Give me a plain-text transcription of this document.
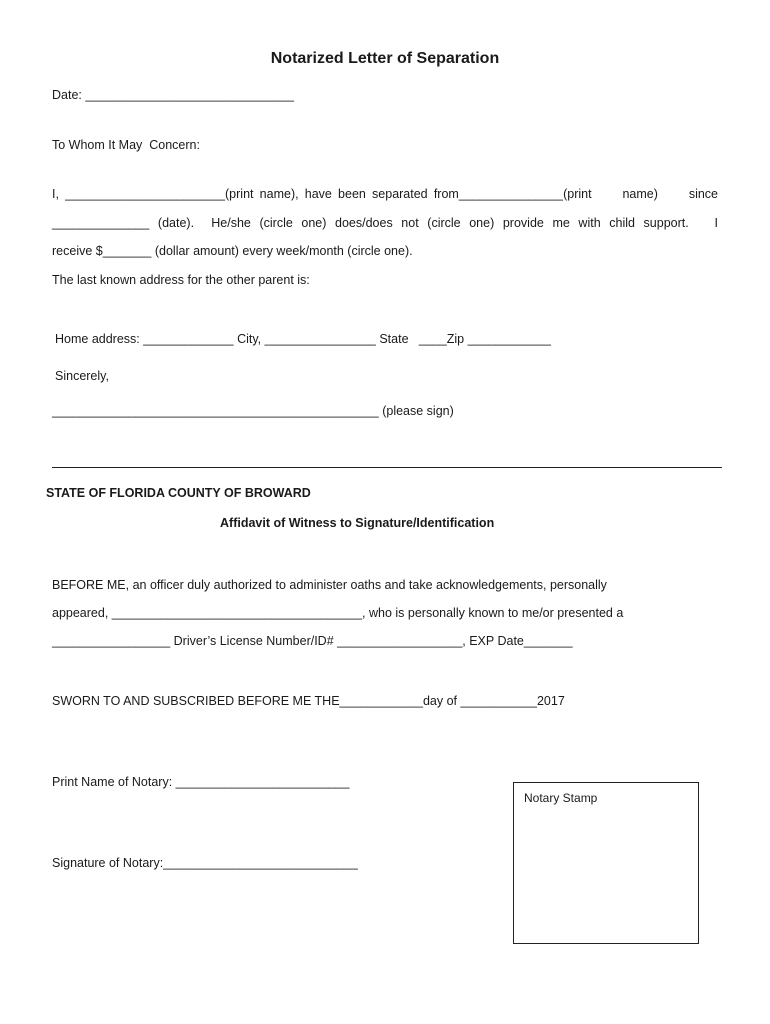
Notarized Letter of Separation
Date: ______________________________
To Whom It May  Concern:
I, _______________________(print name), have been separated from_______________(print     name)     since
______________ (date).  He/she (circle one) does/does not (circle one) provide me with child support.   I
receive $_______ (dollar amount) every week/month (circle one).
The last known address for the other parent is:
Home address: _____________ City, ________________ State   ____Zip ____________
Sincerely,
_______________________________________________ (please sign)
STATE OF FLORIDA COUNTY OF BROWARD
Affidavit of Witness to Signature/Identification
BEFORE ME, an officer duly authorized to administer oaths and take acknowledgements, personally
appeared, ____________________________________, who is personally known to me/or presented a
_________________ Driver’s License Number/ID# __________________, EXP Date_______
SWORN TO AND SUBSCRIBED BEFORE ME THE____________day of ___________2017
Print Name of Notary: _________________________
Signature of Notary:____________________________
Notary Stamp
